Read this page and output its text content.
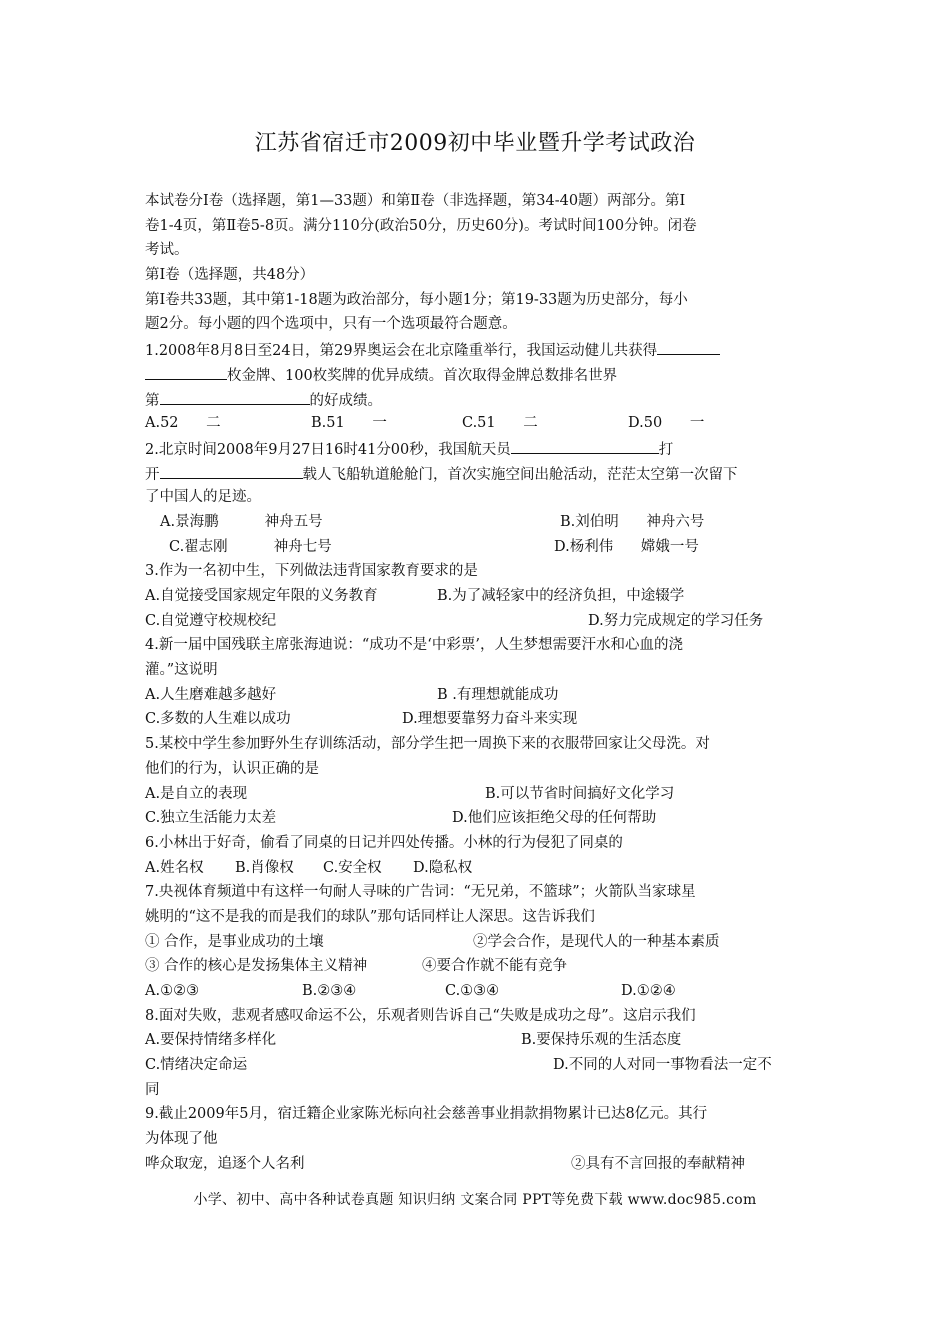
江苏省宿迁市2009初中毕业暨升学考试政治
本试卷分Ⅰ卷（选择题，第1—33题）和第Ⅱ卷（非选择题，第34-40题）两部分。第Ⅰ
卷1-4页，第Ⅱ卷5-8页。满分110分(政治50分，历史60分)。考试时间100分钟。闭卷
考试。
第Ⅰ卷（选择题，共48分）
第Ⅰ卷共33题，其中第1-18题为政治部分，每小题1分；第19-33题为历史部分，每小
题2分。每小题的四个选项中，只有一个选项最符合题意。
1.2008年8月8日至24日，第29界奥运会在北京隆重举行，我国运动健儿共获得
枚金牌、100枚奖牌的优异成绩。首次取得金牌总数排名世界
第	的好成绩。
A.52      二	B.51      一	C.51      二	D.50      一
2.北京时间2008年9月27日16时41分00秒，我国航天员	打
开	载人飞船轨道舱舱门，首次实施空间出舱活动，茫茫太空第一次留下
了中国人的足迹。
A.景海鹏          神舟五号	B.刘伯明      神舟六号
C.翟志刚          神舟七号	D.杨利伟      嫦娥一号
3.作为一名初中生，下列做法违背国家教育要求的是
A.自觉接受国家规定年限的义务教育	B.为了减轻家中的经济负担，中途辍学
C.自觉遵守校规校纪	D.努力完成规定的学习任务
4.新一届中国残联主席张海迪说：“成功不是‘中彩票’，人生梦想需要汗水和心血的浇
灌。”这说明
A.人生磨难越多越好	B .有理想就能成功
C.多数的人生难以成功	D.理想要靠努力奋斗来实现
5.某校中学生参加野外生存训练活动，部分学生把一周换下来的衣服带回家让父母洗。对
他们的行为，认识正确的是
A.是自立的表现	B.可以节省时间搞好文化学习
C.独立生活能力太差	D.他们应该拒绝父母的任何帮助
6.小林出于好奇，偷看了同桌的日记并四处传播。小林的行为侵犯了同桌的
A.姓名权	B.肖像权	C.安全权	D.隐私权
7.央视体育频道中有这样一句耐人寻味的广告词：“无兄弟，不篮球”；火箭队当家球星
姚明的“这不是我的而是我们的球队”那句话同样让人深思。这告诉我们
① 合作，是事业成功的土壤	②学会合作，是现代人的一种基本素质
③ 合作的核心是发扬集体主义精神	④要合作就不能有竞争
A.①②③	B.②③④	C.①③④	D.①②④
8.面对失败，悲观者感叹命运不公，乐观者则告诉自己“失败是成功之母”。这启示我们
A.要保持情绪多样化	B.要保持乐观的生活态度
C.情绪决定命运	D.不同的人对同一事物看法一定不
同
9.截止2009年5月，宿迁籍企业家陈光标向社会慈善事业捐款捐物累计已达8亿元。其行
为体现了他
哗众取宠，追逐个人名利	②具有不言回报的奉献精神
小学、初中、高中各种试卷真题 知识归纳 文案合同 PPT等免费下载 www.doc985.com
